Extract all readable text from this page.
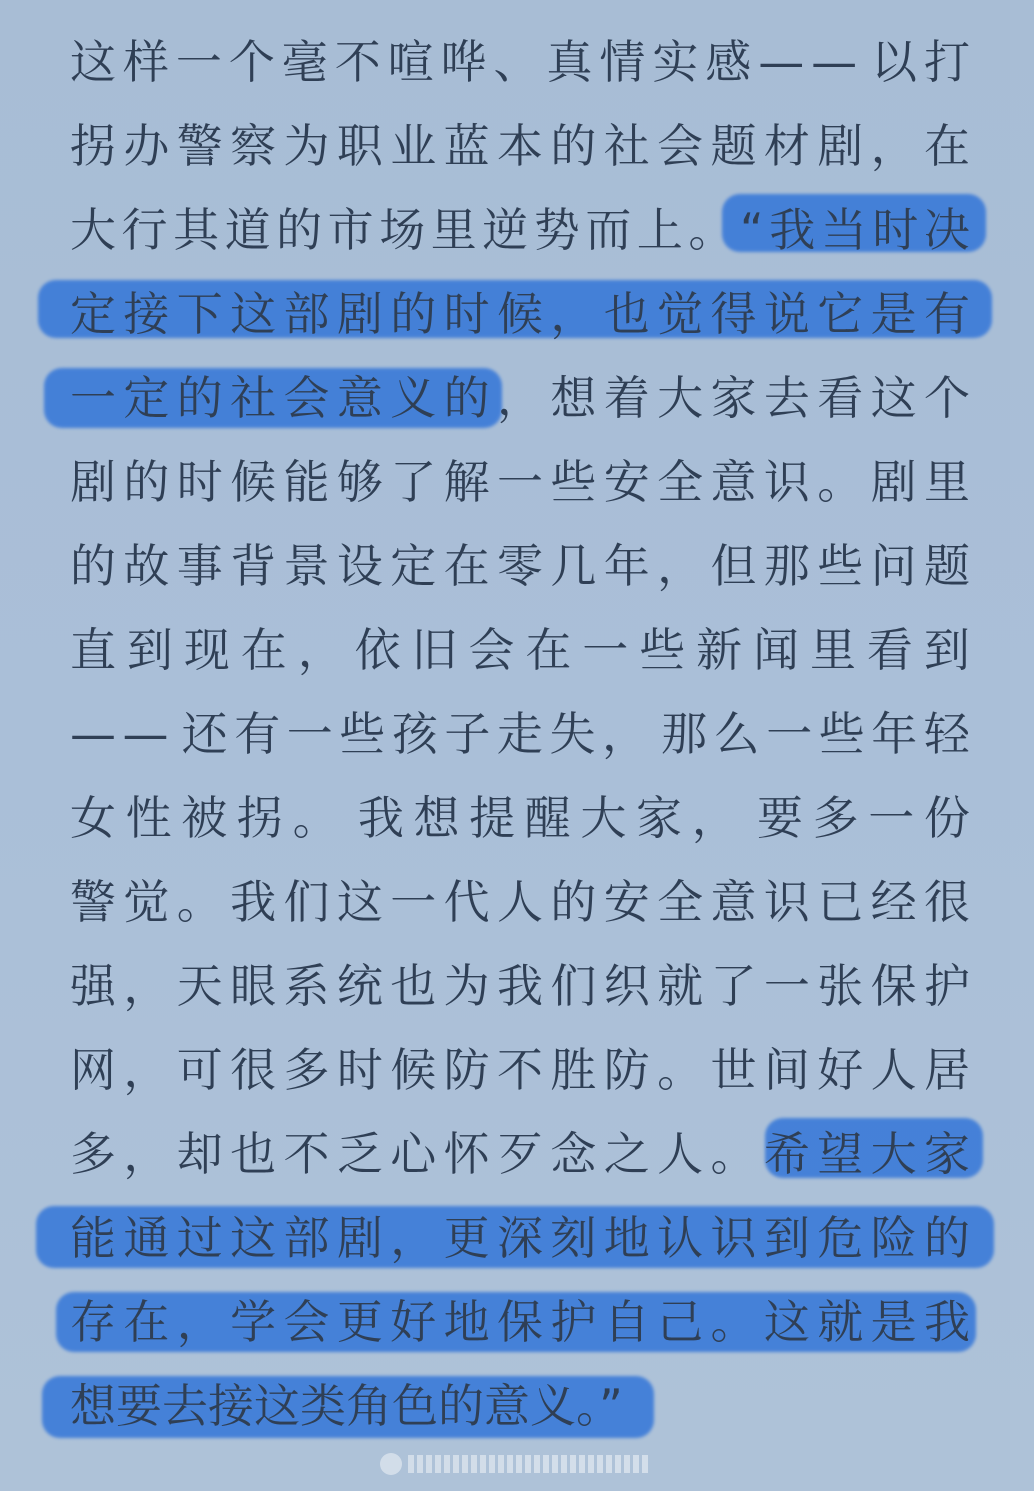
这 样 一 个 毫 不 喧 哗 、 真 情 实 感 — — 以 打
拐 办 警 察 为 职 业 蓝 本 的 社 会 题 材 剧 ， 在
大 行 其 道 的 市 场 里 逆 势 而 上 。 “ 我 当 时 决
定 接 下 这 部 剧 的 时 候 ， 也 觉 得 说 它 是 有
一 定 的 社 会 意 义 的 ， 想 着 大 家 去 看 这 个
剧 的 时 候 能 够 了 解 一 些 安 全 意 识 。 剧 里
的 故 事 背 景 设 定 在 零 几 年 ， 但 那 些 问 题
直 到 现 在 ， 依 旧 会 在 一 些 新 闻 里 看 到
— — 还 有 一 些 孩 子 走 失 ， 那 么 一 些 年 轻
女 性 被 拐 。 我 想 提 醒 大 家 ， 要 多 一 份
警 觉 。 我 们 这 一 代 人 的 安 全 意 识 已 经 很
强 ， 天 眼 系 统 也 为 我 们 织 就 了 一 张 保 护
网 ， 可 很 多 时 候 防 不 胜 防 。 世 间 好 人 居
多 ， 却 也 不 乏 心 怀 歹 念 之 人 。 希 望 大 家
能 通 过 这 部 剧 ， 更 深 刻 地 认 识 到 危 险 的
存 在 ， 学 会 更 好 地 保 护 自 己 。 这 就 是 我
想要去接这类角色的意义。”
